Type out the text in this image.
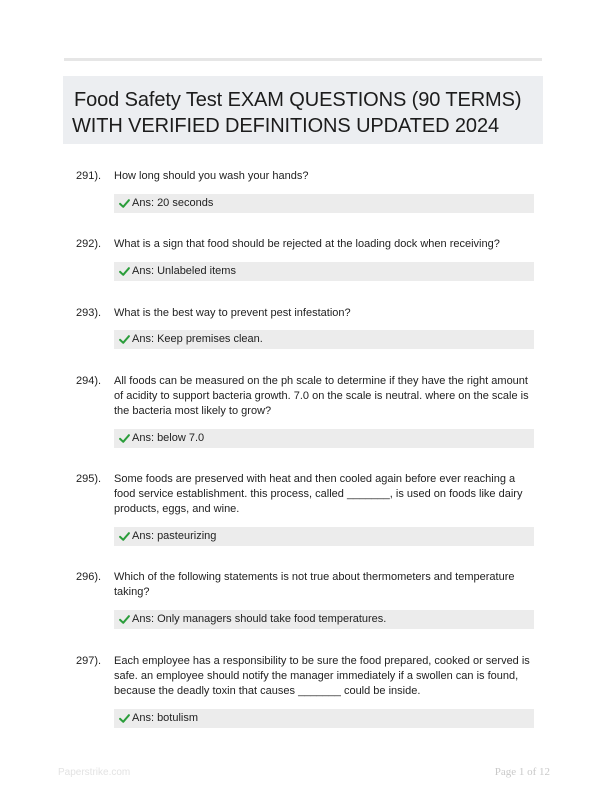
Food Safety Test EXAM QUESTIONS (90 TERMS)
WITH VERIFIED DEFINITIONS UPDATED 2024
291). How long should you wash your hands?
Ans: 20 seconds
292). What is a sign that food should be rejected at the loading dock when receiving?
Ans: Unlabeled items
293). What is the best way to prevent pest infestation?
Ans: Keep premises clean.
294). All foods can be measured on the ph scale to determine if they have the right amount of acidity to support bacteria growth. 7.0 on the scale is neutral. where on the scale is the bacteria most likely to grow?
Ans: below 7.0
295). Some foods are preserved with heat and then cooled again before ever reaching a food service establishment. this process, called _______, is used on foods like dairy products, eggs, and wine.
Ans: pasteurizing
296). Which of the following statements is not true about thermometers and temperature taking?
Ans: Only managers should take food temperatures.
297). Each employee has a responsibility to be sure the food prepared, cooked or served is safe. an employee should notify the manager immediately if a swollen can is found, because the deadly toxin that causes _______ could be inside.
Ans: botulism
Paperstrike.com	Page 1 of 12
